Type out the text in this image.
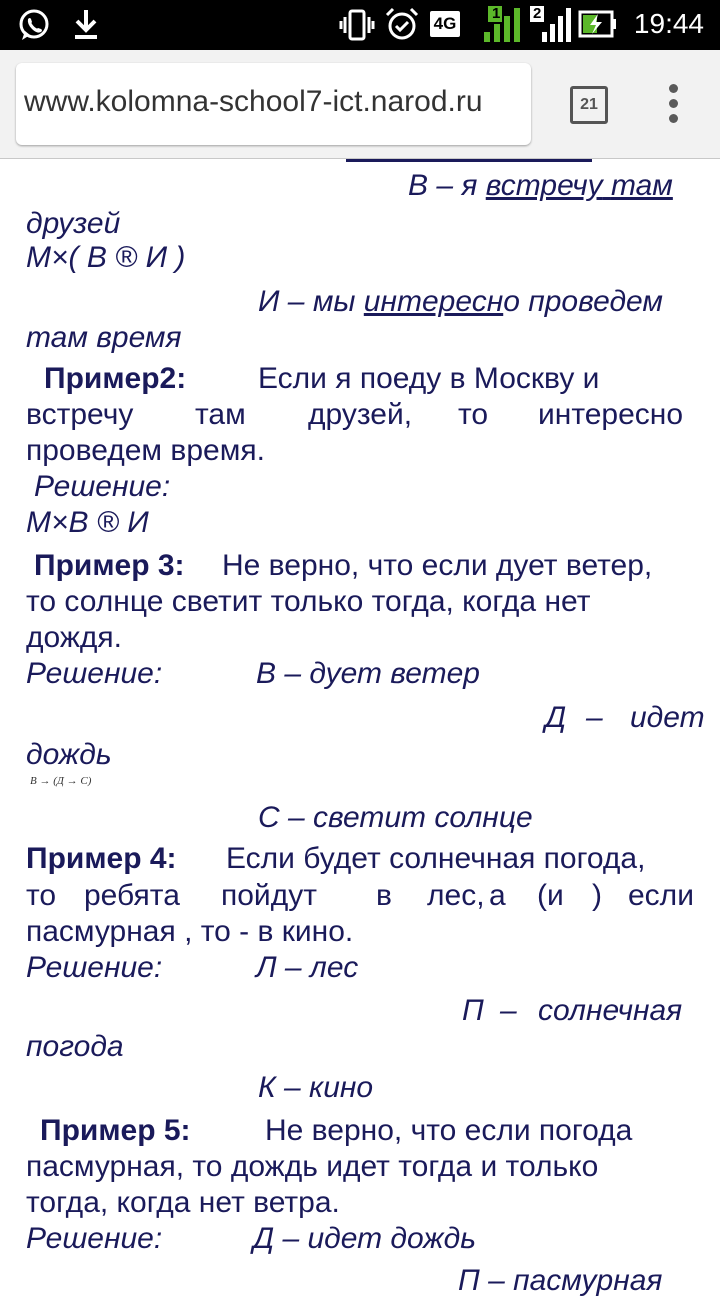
4G
1 2	19:44
www.kolomna-school7-ict.narod.ru	21
В – я встречу там
друзей
M×( В ® И )
И – мы интересно проведем
там время
Пример2: Если я поеду в Москву и
встречу там друзей, то интересно
проведем время.
Решение:
M×B ® И
Пример 3: Не верно, что если дует ветер,
то солнце светит только тогда, когда нет
дождя.
Решение:	В – дует ветер
Д – идет
дождь
B → (Д → C)
С – светит солнце
Пример 4: Если будет солнечная погода,
то ребята пойдут в лес, а (и ) если
пасмурная , то - в кино.
Решение:	Л – лес
П – солнечная
погода
К – кино
Пример 5: Не верно, что если погода
пасмурная, то дождь идет тогда и только
тогда, когда нет ветра.
Решение:	Д – идет дождь
П – пасмурная
